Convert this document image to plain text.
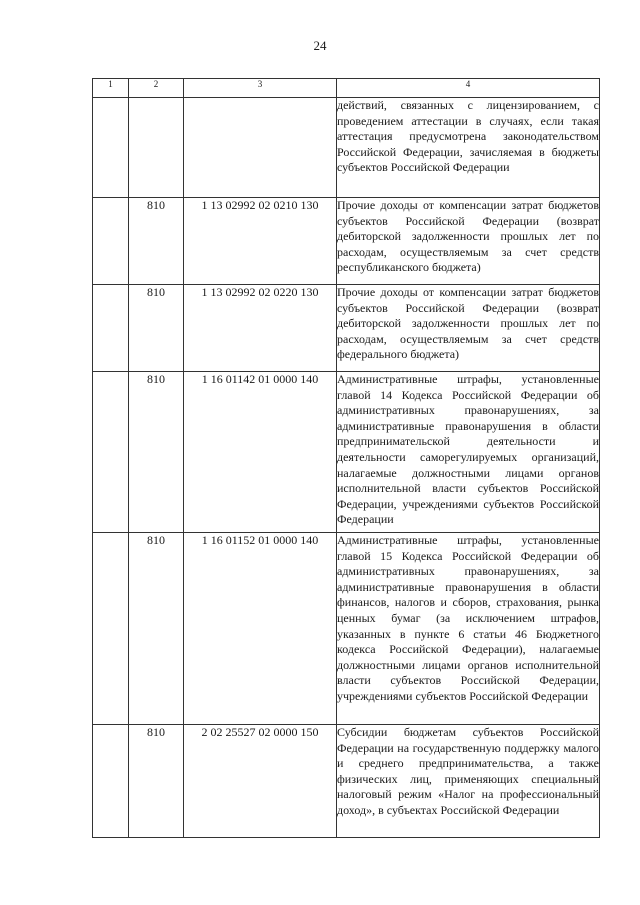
24
1	2	3	4
			действий, связанных с лицензированием, с проведением аттестации в случаях, если такая аттестация предусмотрена законодательством Российской Федерации, зачисляемая в бюджеты субъектов Российской Федерации
	810	1 13 02992 02 0210 130	Прочие доходы от компенсации затрат бюджетов субъектов Российской Федерации (возврат дебиторской задолженности прошлых лет по расходам, осуществляемым за счет средств республиканского бюджета)
	810	1 13 02992 02 0220 130	Прочие доходы от компенсации затрат бюджетов субъектов Российской Федерации (возврат дебиторской задолженности прошлых лет по расходам, осуществляемым за счет средств федерального бюджета)
	810	1 16 01142 01 0000 140	Административные штрафы, установленные главой 14 Кодекса Российской Федерации об административных правонарушениях, за административные правонарушения в области предпринимательской деятельности и деятельности саморегулируемых организаций, налагаемые должностными лицами органов исполнительной власти субъектов Российской Федерации, учреждениями субъектов Российской Федерации
	810	1 16 01152 01 0000 140	Административные штрафы, установленные главой 15 Кодекса Российской Федерации об административных правонарушениях, за административные правонарушения в области финансов, налогов и сборов, страхования, рынка ценных бумаг (за исключением штрафов, указанных в пункте 6 статьи 46 Бюджетного кодекса Российской Федерации), налагаемые должностными лицами органов исполнительной власти субъектов Российской Федерации, учреждениями субъектов Российской Федерации
	810	2 02 25527 02 0000 150	Субсидии бюджетам субъектов Российской Федерации на государственную поддержку малого и среднего предпринимательства, а также физических лиц, применяющих специальный налоговый режим «Налог на профессиональный доход», в субъектах Российской Федерации
